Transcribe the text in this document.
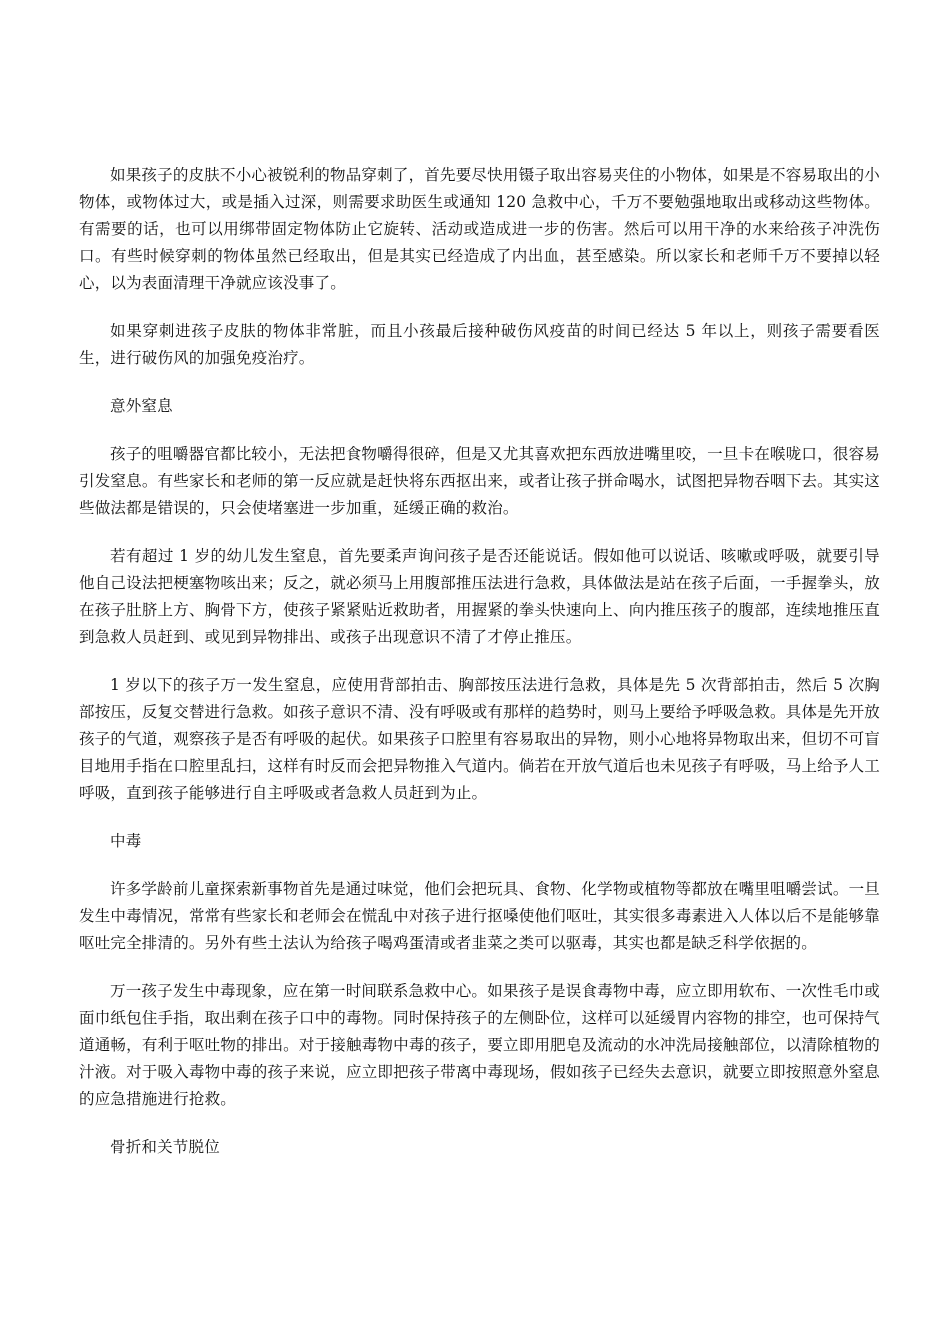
如果孩子的皮肤不小心被锐利的物品穿刺了，首先要尽快用镊子取出容易夹住的小物体，如果是不容易取出的小物体，或物体过大，或是插入过深，则需要求助医生或通知 120 急救中心，千万不要勉强地取出或移动这些物体。有需要的话，也可以用绑带固定物体防止它旋转、活动或造成进一步的伤害。然后可以用干净的水来给孩子冲洗伤口。有些时候穿刺的物体虽然已经取出，但是其实已经造成了内出血，甚至感染。所以家长和老师千万不要掉以轻心，以为表面清理干净就应该没事了。

如果穿刺进孩子皮肤的物体非常脏，而且小孩最后接种破伤风疫苗的时间已经达 5 年以上，则孩子需要看医生，进行破伤风的加强免疫治疗。

意外窒息

孩子的咀嚼器官都比较小，无法把食物嚼得很碎，但是又尤其喜欢把东西放进嘴里咬，一旦卡在喉咙口，很容易引发窒息。有些家长和老师的第一反应就是赶快将东西抠出来，或者让孩子拼命喝水，试图把异物吞咽下去。其实这些做法都是错误的，只会使堵塞进一步加重，延缓正确的救治。

若有超过 1 岁的幼儿发生窒息，首先要柔声询问孩子是否还能说话。假如他可以说话、咳嗽或呼吸，就要引导他自己设法把梗塞物咳出来；反之，就必须马上用腹部推压法进行急救，具体做法是站在孩子后面，一手握拳头，放在孩子肚脐上方、胸骨下方，使孩子紧紧贴近救助者，用握紧的拳头快速向上、向内推压孩子的腹部，连续地推压直到急救人员赶到、或见到异物排出、或孩子出现意识不清了才停止推压。

1 岁以下的孩子万一发生窒息，应使用背部拍击、胸部按压法进行急救，具体是先 5 次背部拍击，然后 5 次胸部按压，反复交替进行急救。如孩子意识不清、没有呼吸或有那样的趋势时，则马上要给予呼吸急救。具体是先开放孩子的气道，观察孩子是否有呼吸的起伏。如果孩子口腔里有容易取出的异物，则小心地将异物取出来，但切不可盲目地用手指在口腔里乱扫，这样有时反而会把异物推入气道内。倘若在开放气道后也未见孩子有呼吸，马上给予人工呼吸，直到孩子能够进行自主呼吸或者急救人员赶到为止。

中毒

许多学龄前儿童探索新事物首先是通过味觉，他们会把玩具、食物、化学物或植物等都放在嘴里咀嚼尝试。一旦发生中毒情况，常常有些家长和老师会在慌乱中对孩子进行抠嗓使他们呕吐，其实很多毒素进入人体以后不是能够靠呕吐完全排清的。另外有些土法认为给孩子喝鸡蛋清或者韭菜之类可以驱毒，其实也都是缺乏科学依据的。

万一孩子发生中毒现象，应在第一时间联系急救中心。如果孩子是误食毒物中毒，应立即用软布、一次性毛巾或面巾纸包住手指，取出剩在孩子口中的毒物。同时保持孩子的左侧卧位，这样可以延缓胃内容物的排空，也可保持气道通畅，有利于呕吐物的排出。对于接触毒物中毒的孩子，要立即用肥皂及流动的水冲洗局接触部位，以清除植物的汁液。对于吸入毒物中毒的孩子来说，应立即把孩子带离中毒现场，假如孩子已经失去意识，就要立即按照意外窒息的应急措施进行抢救。

骨折和关节脱位
